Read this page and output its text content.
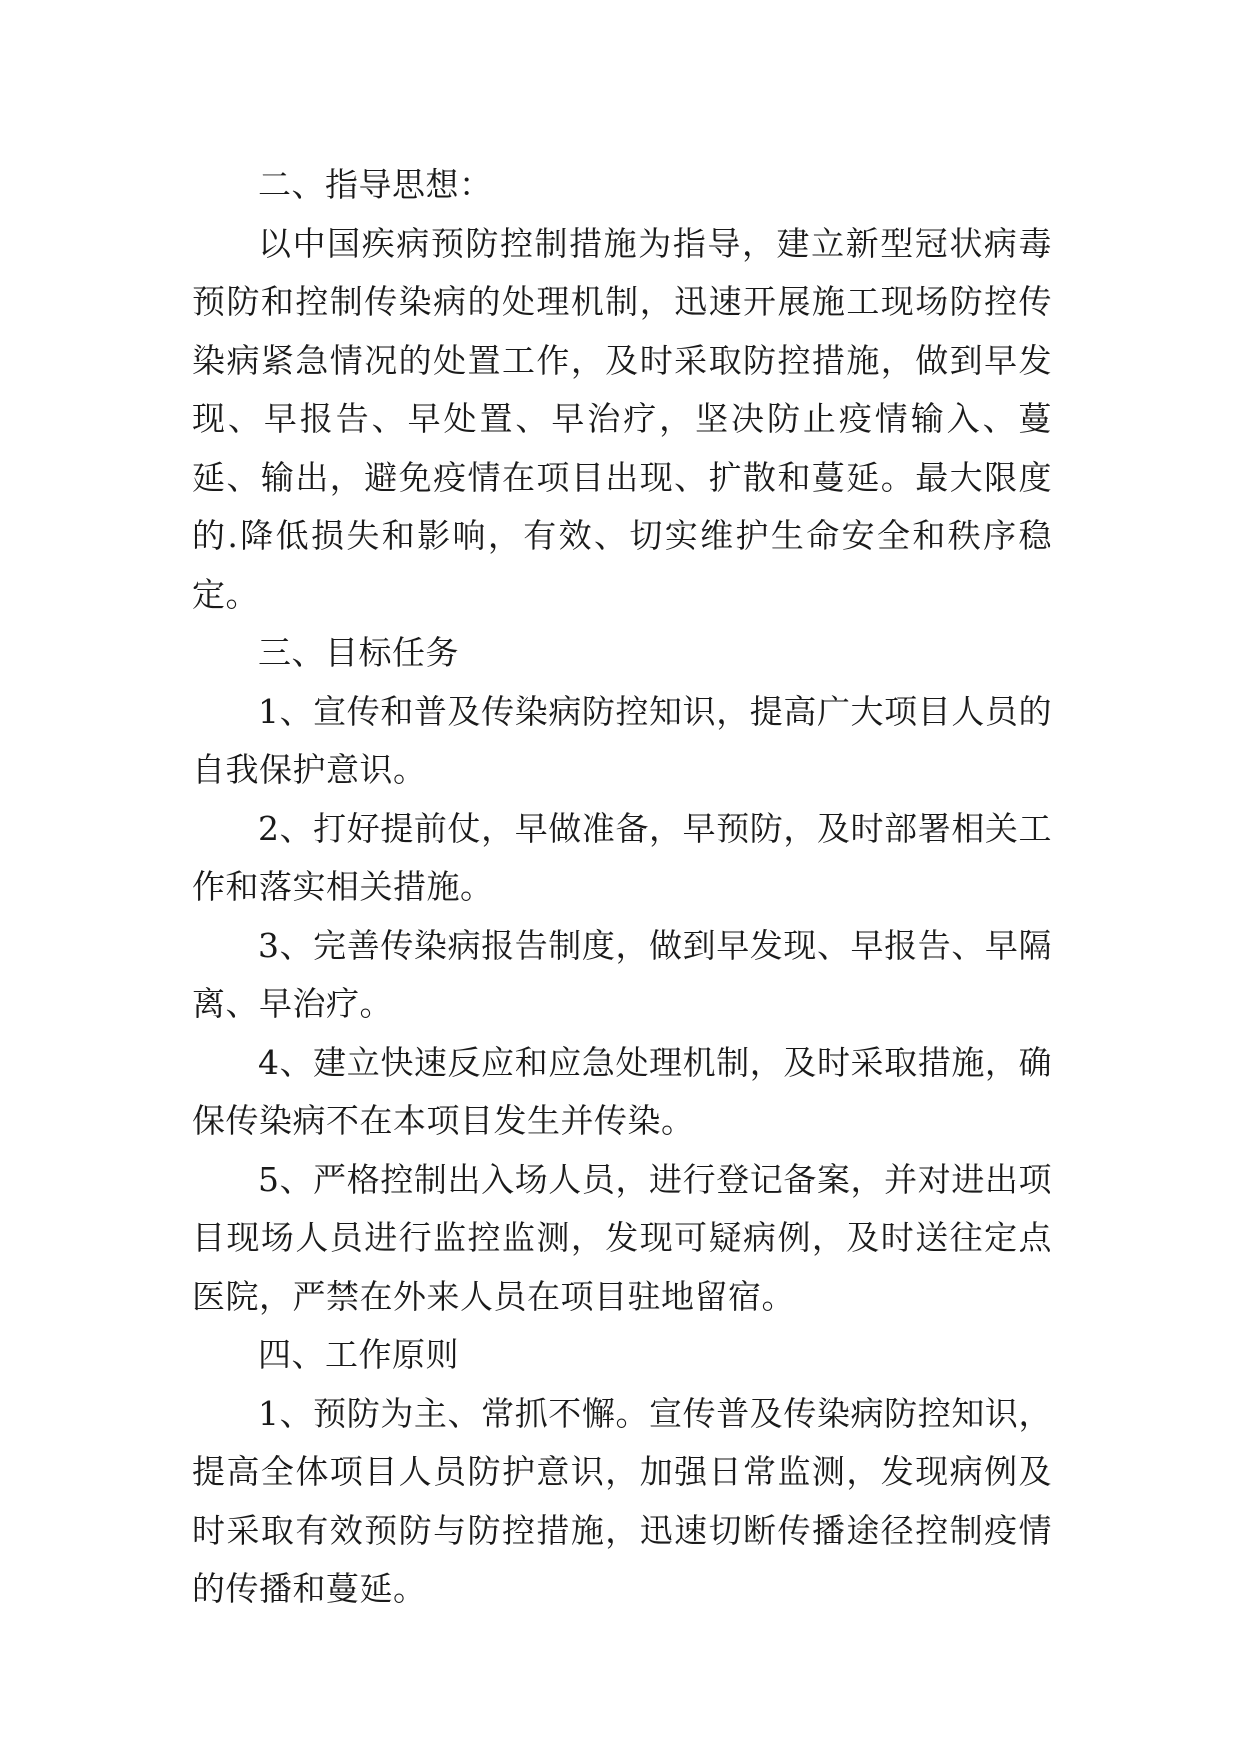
二、指导思想：

以中国疾病预防控制措施为指导，建立新型冠状病毒预防和控制传染病的处理机制，迅速开展施工现场防控传染病紧急情况的处置工作，及时采取防控措施，做到早发现、早报告、早处置、早治疗，坚决防止疫情输入、蔓延、输出，避免疫情在项目出现、扩散和蔓延。最大限度的.降低损失和影响，有效、切实维护生命安全和秩序稳定。

三、目标任务

1、宣传和普及传染病防控知识，提高广大项目人员的自我保护意识。

2、打好提前仗，早做准备，早预防，及时部署相关工作和落实相关措施。

3、完善传染病报告制度，做到早发现、早报告、早隔离、早治疗。

4、建立快速反应和应急处理机制，及时采取措施，确保传染病不在本项目发生并传染。

5、严格控制出入场人员，进行登记备案，并对进出项目现场人员进行监控监测，发现可疑病例，及时送往定点医院，严禁在外来人员在项目驻地留宿。

四、工作原则

1、预防为主、常抓不懈。宣传普及传染病防控知识，提高全体项目人员防护意识，加强日常监测，发现病例及时采取有效预防与防控措施，迅速切断传播途径控制疫情的传播和蔓延。
